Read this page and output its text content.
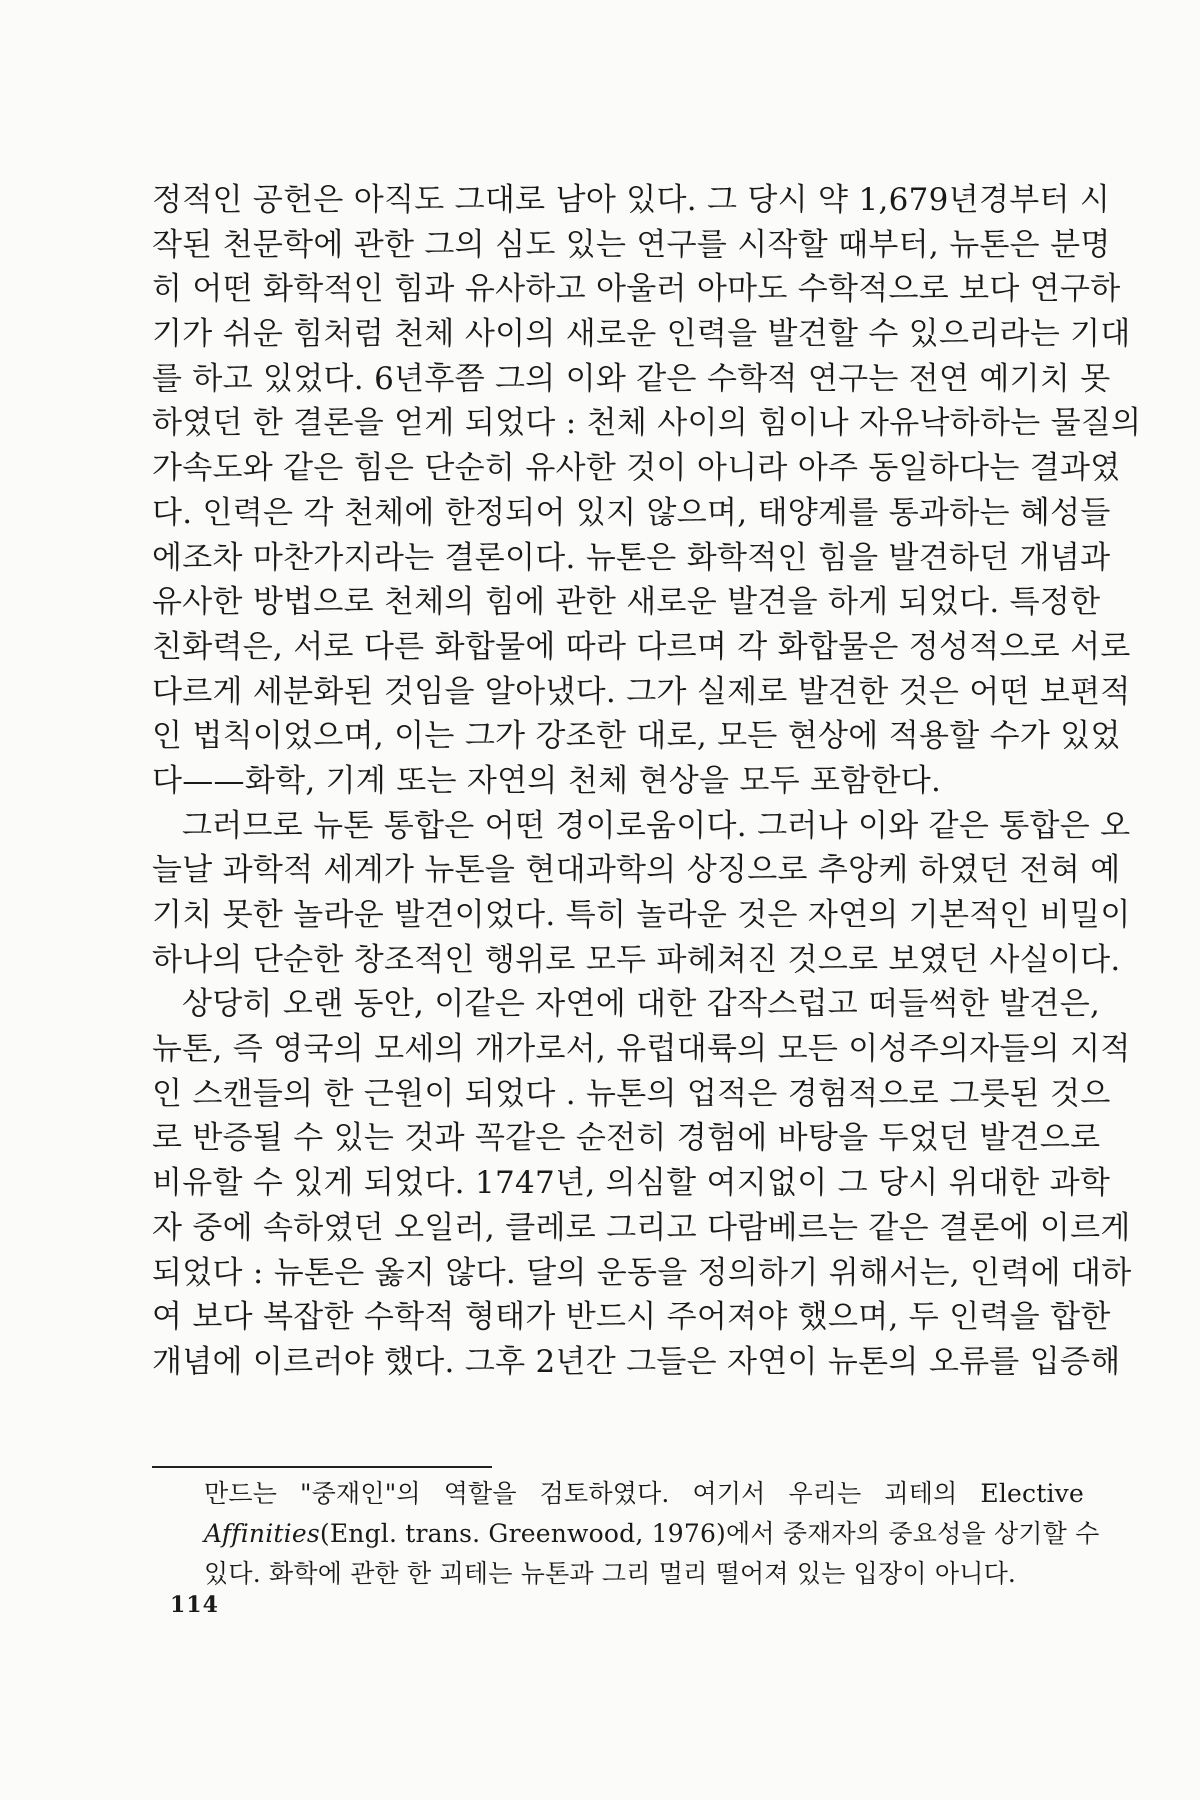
정적인 공헌은 아직도 그대로 남아 있다. 그 당시 약 1,679년경부터 시
작된 천문학에 관한 그의 심도 있는 연구를 시작할 때부터, 뉴톤은 분명
히 어떤 화학적인 힘과 유사하고 아울러 아마도 수학적으로 보다 연구하
기가 쉬운 힘처럼 천체 사이의 새로운 인력을 발견할 수 있으리라는 기대
를 하고 있었다. 6년후쯤 그의 이와 같은 수학적 연구는 전연 예기치 못
하였던 한 결론을 얻게 되었다 : 천체 사이의 힘이나 자유낙하하는 물질의
가속도와 같은 힘은 단순히 유사한 것이 아니라 아주 동일하다는 결과였
다. 인력은 각 천체에 한정되어 있지 않으며, 태양계를 통과하는 혜성들
에조차 마찬가지라는 결론이다. 뉴톤은 화학적인 힘을 발견하던 개념과
유사한 방법으로 천체의 힘에 관한 새로운 발견을 하게 되었다. 특정한
친화력은, 서로 다른 화합물에 따라 다르며 각 화합물은 정성적으로 서로
다르게 세분화된 것임을 알아냈다. 그가 실제로 발견한 것은 어떤 보편적
인 법칙이었으며, 이는 그가 강조한 대로, 모든 현상에 적용할 수가 있었
다——화학, 기계 또는 자연의 천체 현상을 모두 포함한다.
그러므로 뉴톤 통합은 어떤 경이로움이다. 그러나 이와 같은 통합은 오
늘날 과학적 세계가 뉴톤을 현대과학의 상징으로 추앙케 하였던 전혀 예
기치 못한 놀라운 발견이었다. 특히 놀라운 것은 자연의 기본적인 비밀이
하나의 단순한 창조적인 행위로 모두 파헤쳐진 것으로 보였던 사실이다.
상당히 오랜 동안, 이같은 자연에 대한 갑작스럽고 떠들썩한 발견은,
뉴톤, 즉 영국의 모세의 개가로서, 유럽대륙의 모든 이성주의자들의 지적
인 스캔들의 한 근원이 되었다 . 뉴톤의 업적은 경험적으로 그릇된 것으
로 반증될 수 있는 것과 꼭같은 순전히 경험에 바탕을 두었던 발견으로
비유할 수 있게 되었다. 1747년, 의심할 여지없이 그 당시 위대한 과학
자 중에 속하였던 오일러, 클레로 그리고 다람베르는 같은 결론에 이르게
되었다 : 뉴톤은 옳지 않다. 달의 운동을 정의하기 위해서는, 인력에 대하
여 보다 복잡한 수학적 형태가 반드시 주어져야 했으며, 두 인력을 합한
개념에 이르러야 했다. 그후 2년간 그들은 자연이 뉴톤의 오류를 입증해
만드는 "중재인"의 역할을 검토하였다. 여기서 우리는 괴테의 Elective
Affinities(Engl. trans. Greenwood, 1976)에서 중재자의 중요성을 상기할 수
있다. 화학에 관한 한 괴테는 뉴톤과 그리 멀리 떨어져 있는 입장이 아니다.
114
